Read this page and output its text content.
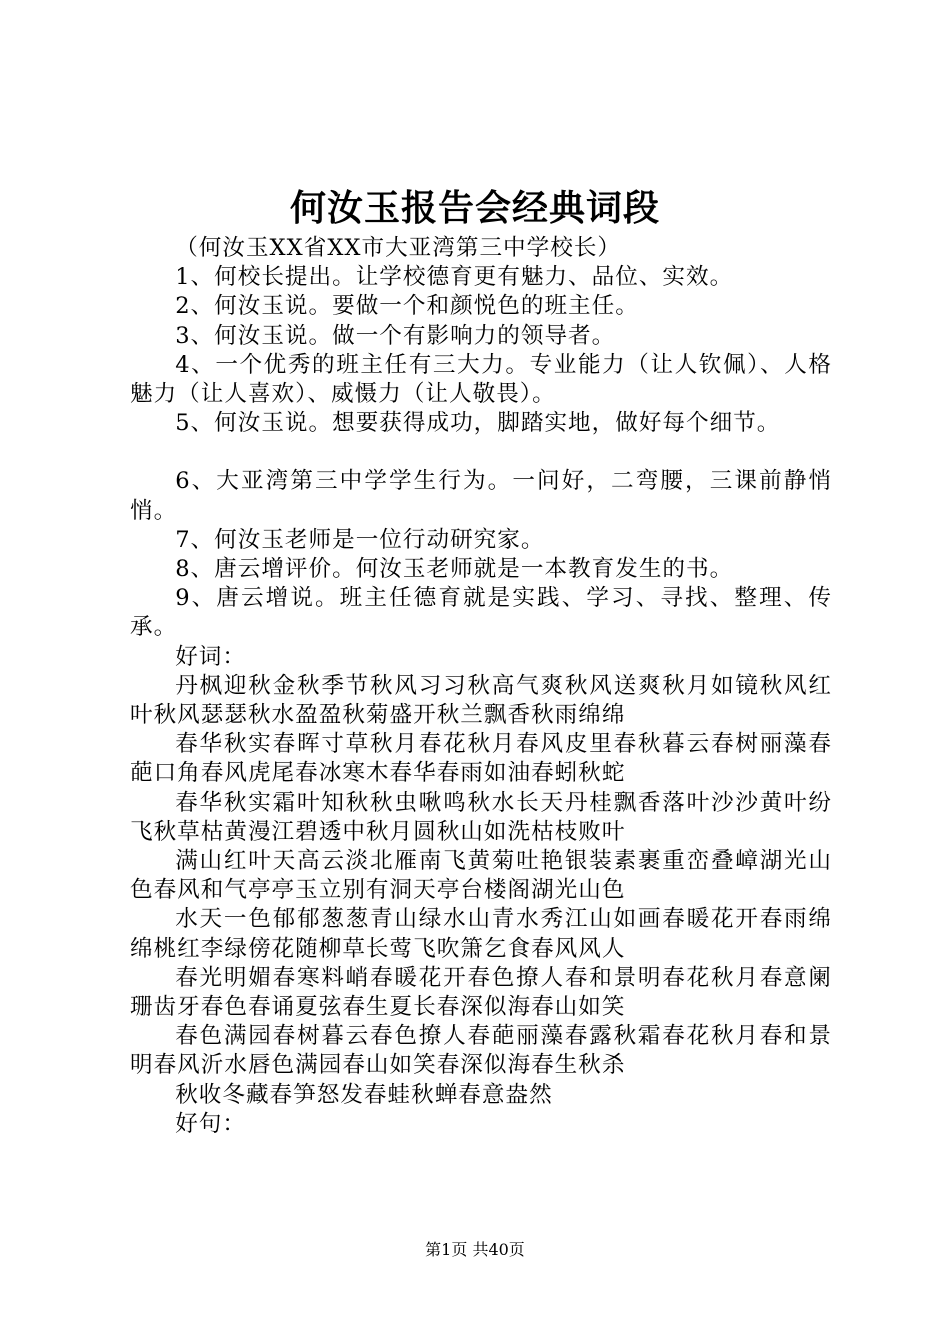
何汝玉报告会经典词段

（何汝玉XX省XX市大亚湾第三中学校长）

1、何校长提出。让学校德育更有魅力、品位、实效。

2、何汝玉说。要做一个和颜悦色的班主任。

3、何汝玉说。做一个有影响力的领导者。

4、一个优秀的班主任有三大力。专业能力（让人钦佩）、人格魅力（让人喜欢）、威慑力（让人敬畏）。

5、何汝玉说。想要获得成功，脚踏实地，做好每个细节。

6、大亚湾第三中学学生行为。一问好，二弯腰，三课前静悄悄。

7、何汝玉老师是一位行动研究家。

8、唐云增评价。何汝玉老师就是一本教育发生的书。

9、唐云增说。班主任德育就是实践、学习、寻找、整理、传承。

好词：

丹枫迎秋金秋季节秋风习习秋高气爽秋风送爽秋月如镜秋风红叶秋风瑟瑟秋水盈盈秋菊盛开秋兰飘香秋雨绵绵

春华秋实春晖寸草秋月春花秋月春风皮里春秋暮云春树丽藻春葩口角春风虎尾春冰寒木春华春雨如油春蚓秋蛇

春华秋实霜叶知秋秋虫啾鸣秋水长天丹桂飘香落叶沙沙黄叶纷飞秋草枯黄漫江碧透中秋月圆秋山如洗枯枝败叶

满山红叶天高云淡北雁南飞黄菊吐艳银装素裹重峦叠嶂湖光山色春风和气亭亭玉立别有洞天亭台楼阁湖光山色

水天一色郁郁葱葱青山绿水山青水秀江山如画春暖花开春雨绵绵桃红李绿傍花随柳草长莺飞吹箫乞食春风风人

春光明媚春寒料峭春暖花开春色撩人春和景明春花秋月春意阑珊齿牙春色春诵夏弦春生夏长春深似海春山如笑

春色满园春树暮云春色撩人春葩丽藻春露秋霜春花秋月春和景明春风沂水唇色满园春山如笑春深似海春生秋杀

秋收冬藏春笋怒发春蛙秋蝉春意盎然

好句：

第1页 共40页
